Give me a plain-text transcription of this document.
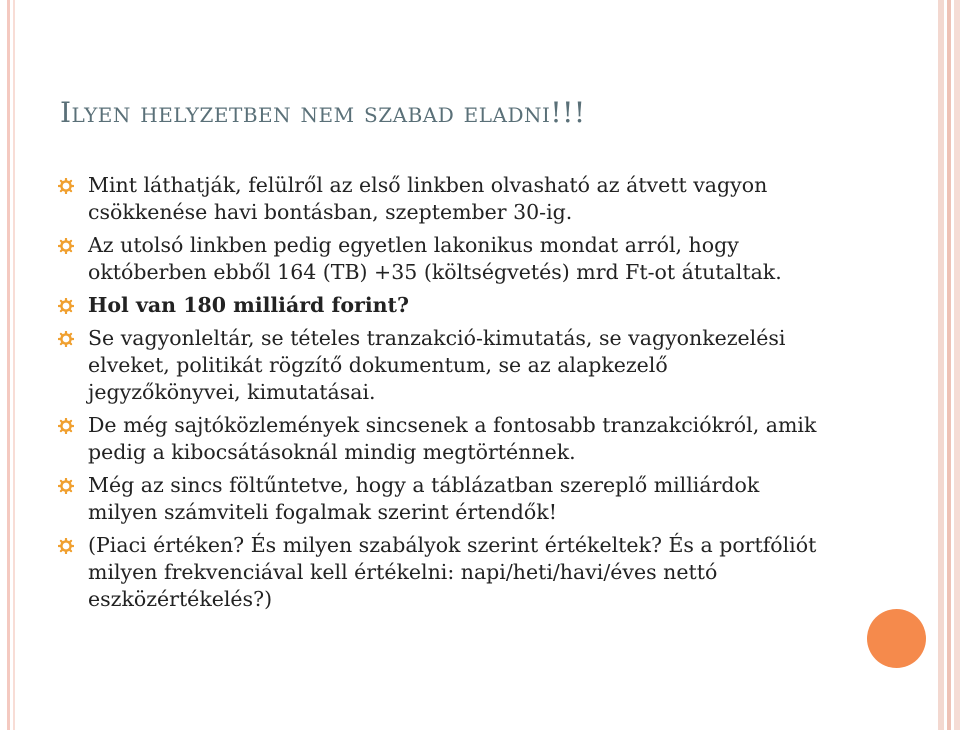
Ilyen helyzetben nem szabad eladni!!!
Mint láthatják, felülről az első linkben olvasható az átvett vagyon csökkenése havi bontásban, szeptember 30-ig.
Az utolsó linkben pedig egyetlen lakonikus mondat arról, hogy októberben ebből 164 (TB) +35 (költségvetés) mrd Ft-ot átutaltak.
Hol van 180 milliárd forint?
Se vagyonleltár, se tételes tranzakció-kimutatás, se vagyonkezelési elveket, politikát rögzítő dokumentum, se az alapkezelő jegyzőkönyvei, kimutatásai.
De még sajtóközlemények sincsenek a fontosabb tranzakciókról, amik pedig a kibocsátásoknál mindig megtörténnek.
Még az sincs föltűntetve, hogy a táblázatban szereplő milliárdok milyen számviteli fogalmak szerint értendők!
(Piaci értéken? És milyen szabályok szerint értékeltek? És a portfóliót milyen frekvenciával kell értékelni: napi/heti/havi/éves nettó eszközértékelés?)
